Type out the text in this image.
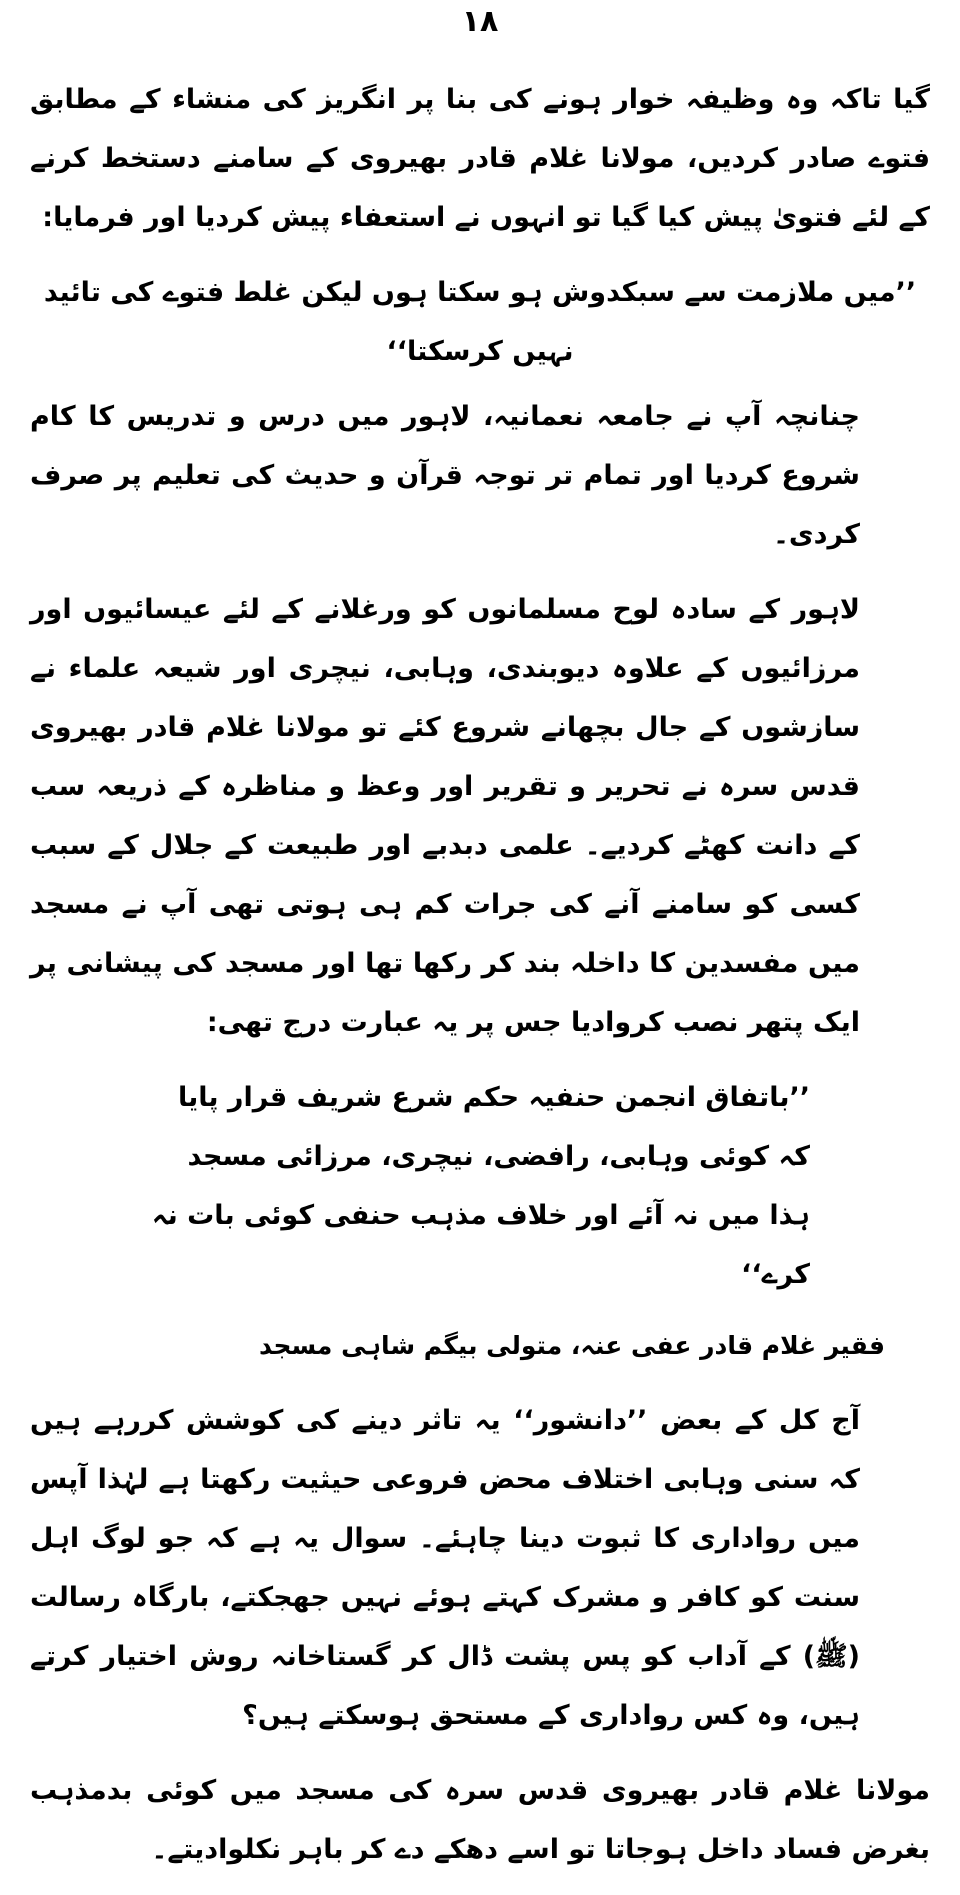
١٨

گیا تاکہ وہ وظیفہ خوار ہونے کی بنا پر انگریز کی منشاء کے مطابق فتوے صادر کردیں، مولانا غلام قادر بھیروی کے سامنے دستخط کرنے کے لئے فتویٰ پیش کیا گیا تو انہوں نے استعفاء پیش کردیا اور فرمایا:

’’میں ملازمت سے سبکدوش ہو سکتا ہوں لیکن غلط فتوے کی تائید نہیں کرسکتا‘‘

چنانچہ آپ نے جامعہ نعمانیہ، لاہور میں درس و تدریس کا کام شروع کردیا اور تمام تر توجہ قرآن و حدیث کی تعلیم پر صرف کردی۔

لاہور کے سادہ لوح مسلمانوں کو ورغلانے کے لئے عیسائیوں اور مرزائیوں کے علاوہ دیوبندی، وہابی، نیچری اور شیعہ علماء نے سازشوں کے جال بچھانے شروع کئے تو مولانا غلام قادر بھیروی قدس سرہ نے تحریر و تقریر اور وعظ و مناظرہ کے ذریعہ سب کے دانت کھٹے کردیے۔ علمی دبدبے اور طبیعت کے جلال کے سبب کسی کو سامنے آنے کی جرات کم ہی ہوتی تھی آپ نے مسجد میں مفسدین کا داخلہ بند کر رکھا تھا اور مسجد کی پیشانی پر ایک پتھر نصب کروادیا جس پر یہ عبارت درج تھی:

’’باتفاق انجمن حنفیہ حکم شرع شریف قرار پایا کہ کوئی وہابی، رافضی، نیچری، مرزائی مسجد ہذا میں نہ آئے اور خلاف مذہب حنفی کوئی بات نہ کرے‘‘

فقیر غلام قادر عفی عنہ، متولی بیگم شاہی مسجد

آج کل کے بعض ’’دانشور‘‘ یہ تاثر دینے کی کوشش کررہے ہیں کہ سنی وہابی اختلاف محض فروعی حیثیت رکھتا ہے لہٰذا آپس میں رواداری کا ثبوت دینا چاہئے۔ سوال یہ ہے کہ جو لوگ اہل سنت کو کافر و مشرک کہتے ہوئے نہیں جھجکتے، بارگاہ رسالت (ﷺ) کے آداب کو پس پشت ڈال کر گستاخانہ روش اختیار کرتے ہیں، وہ کس رواداری کے مستحق ہوسکتے ہیں؟

مولانا غلام قادر بھیروی قدس سرہ کی مسجد میں کوئی بدمذہب بغرض فساد داخل ہوجاتا تو اسے دھکے دے کر باہر نکلوادیتے۔
